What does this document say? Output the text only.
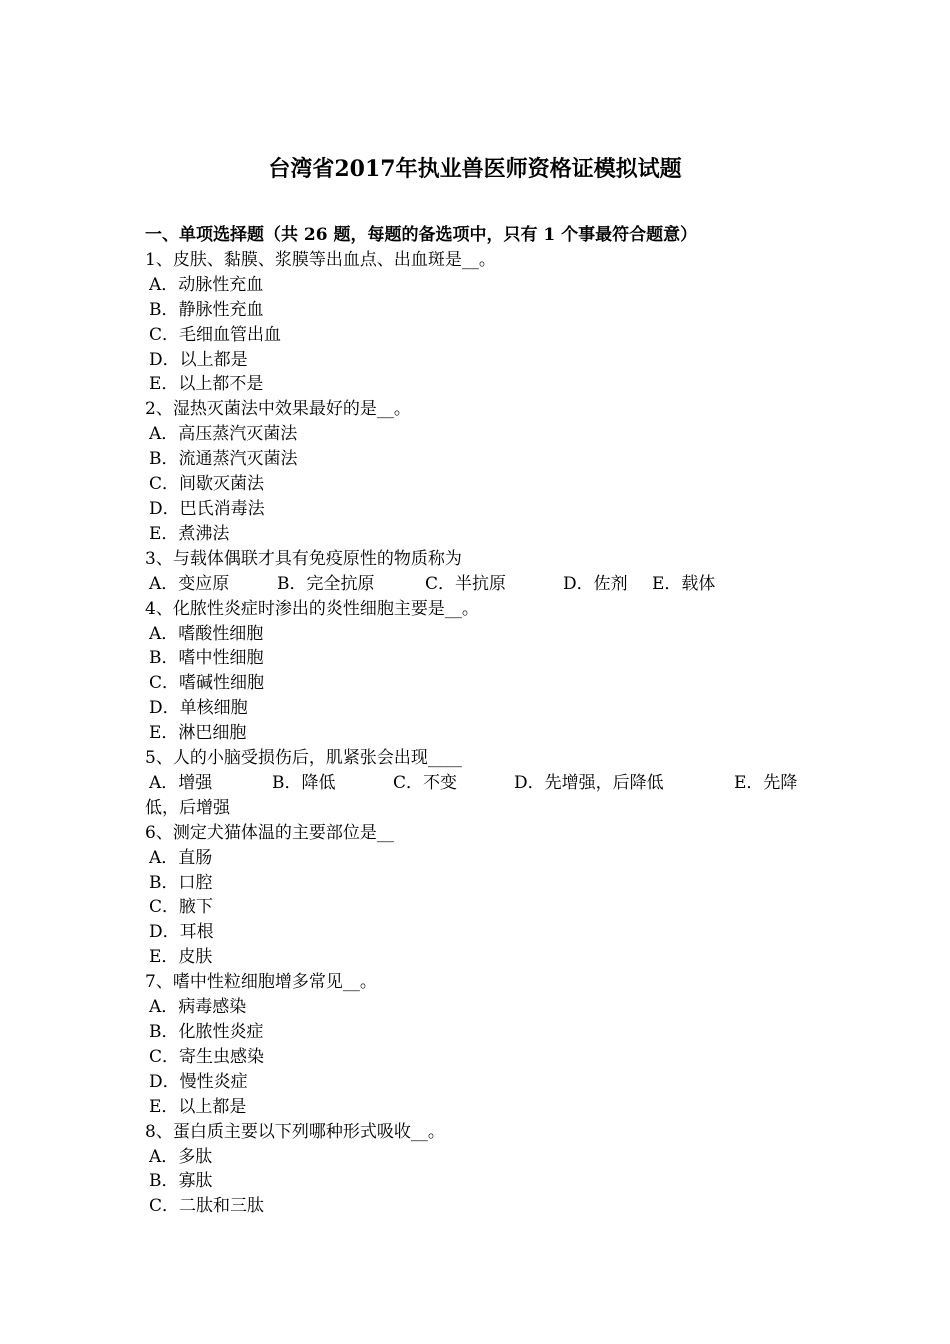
台湾省2017年执业兽医师资格证模拟试题
一、单项选择题（共 26 题，每题的备选项中，只有 1 个事最符合题意）
1、皮肤、黏膜、浆膜等出血点、出血斑是__。
A．动脉性充血
B．静脉性充血
C．毛细血管出血
D．以上都是
E．以上都不是
2、湿热灭菌法中效果最好的是__。
A．高压蒸汽灭菌法
B．流通蒸汽灭菌法
C．间歇灭菌法
D．巴氏消毒法
E．煮沸法
3、与载体偶联才具有免疫原性的物质称为
A．变应原	B．完全抗原	C．半抗原	D．佐剂 E．载体
4、化脓性炎症时渗出的炎性细胞主要是__。
A．嗜酸性细胞
B．嗜中性细胞
C．嗜碱性细胞
D．单核细胞
E．淋巴细胞
5、人的小脑受损伤后，肌紧张会出现____
A．增强	B．降低	C．不变	D．先增强，后降低	E．先降
低，后增强
6、测定犬猫体温的主要部位是__
A．直肠
B．口腔
C．腋下
D．耳根
E．皮肤
7、嗜中性粒细胞增多常见__。
A．病毒感染
B．化脓性炎症
C．寄生虫感染
D．慢性炎症
E．以上都是
8、蛋白质主要以下列哪种形式吸收__。
A．多肽
B．寡肽
C．二肽和三肽
